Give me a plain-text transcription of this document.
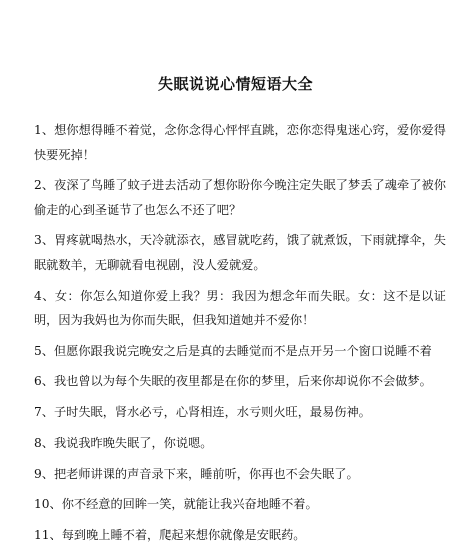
失眠说说心情短语大全

1、想你想得睡不着觉，念你念得心怦怦直跳，恋你恋得鬼迷心窍，爱你爱得快要死掉！

2、夜深了鸟睡了蚊子进去活动了想你盼你今晚注定失眠了梦丢了魂牵了被你偷走的心到圣诞节了也怎么不还了吧？

3、胃疼就喝热水，天冷就添衣，感冒就吃药，饿了就煮饭，下雨就撑伞，失眠就数羊，无聊就看电视剧，没人爱就爱。

4、女：你怎么知道你爱上我？男：我因为想念年而失眠。女：这不是以证明，因为我妈也为你而失眠，但我知道她并不爱你！

5、但愿你跟我说完晚安之后是真的去睡觉而不是点开另一个窗口说睡不着

6、我也曾以为每个失眠的夜里都是在你的梦里，后来你却说你不会做梦。

7、子时失眠，肾水必亏，心肾相连，水亏则火旺，最易伤神。

8、我说我昨晚失眠了，你说嗯。

9、把老师讲课的声音录下来，睡前听，你再也不会失眠了。

10、你不经意的回眸一笑，就能让我兴奋地睡不着。

11、每到晚上睡不着，爬起来想你就像是安眠药。
